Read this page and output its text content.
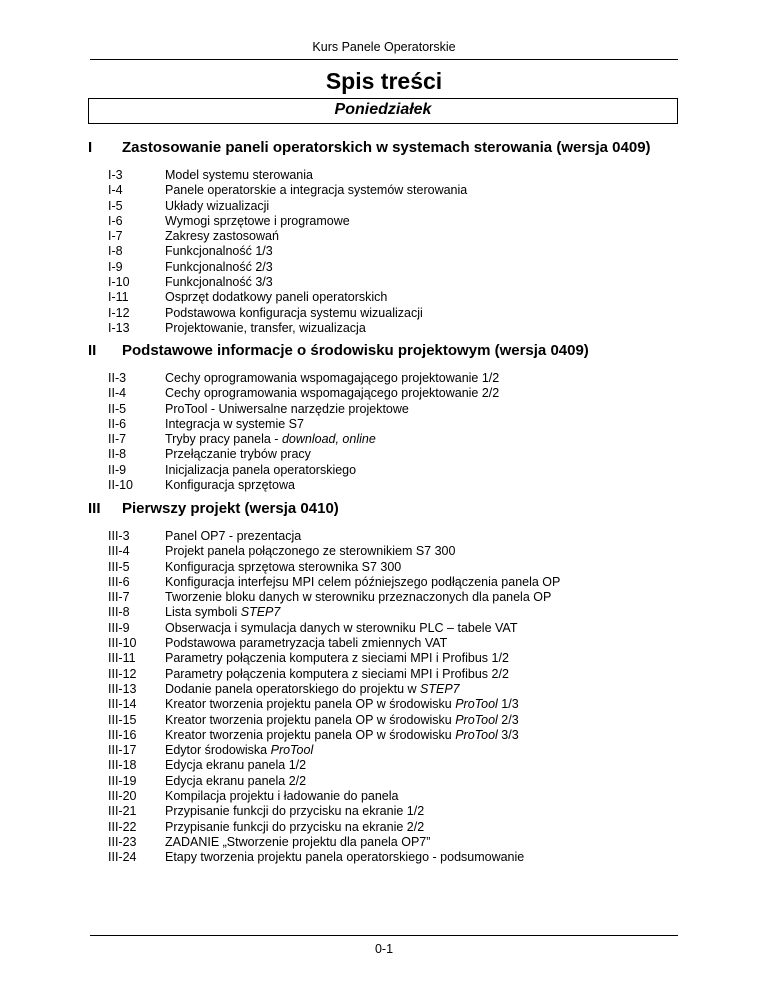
Kurs Panele Operatorskie
Spis treści
Poniedziałek
I Zastosowanie paneli operatorskich w systemach sterowania (wersja 0409)
I-3	Model systemu sterowania
I-4	Panele operatorskie a integracja systemów sterowania
I-5	Układy wizualizacji
I-6	Wymogi sprzętowe i programowe
I-7	Zakresy zastosowań
I-8	Funkcjonalność 1/3
I-9	Funkcjonalność 2/3
I-10	Funkcjonalność 3/3
I-11	Osprzęt dodatkowy paneli operatorskich
I-12	Podstawowa konfiguracja systemu wizualizacji
I-13	Projektowanie, transfer, wizualizacja
II Podstawowe informacje o środowisku projektowym (wersja 0409)
II-3	Cechy oprogramowania wspomagającego projektowanie 1/2
II-4	Cechy oprogramowania wspomagającego projektowanie 2/2
II-5	ProTool - Uniwersalne narzędzie projektowe
II-6	Integracja w systemie S7
II-7	Tryby pracy panela - download, online
II-8	Przełączanie trybów pracy
II-9	Inicjalizacja panela operatorskiego
II-10	Konfiguracja sprzętowa
III Pierwszy projekt (wersja 0410)
III-3	Panel OP7 - prezentacja
III-4	Projekt panela połączonego ze sterownikiem S7 300
III-5	Konfiguracja sprzętowa sterownika S7 300
III-6	Konfiguracja interfejsu MPI celem późniejszego podłączenia panela OP
III-7	Tworzenie bloku danych w sterowniku przeznaczonych dla panela OP
III-8	Lista symboli STEP7
III-9	Obserwacja i symulacja danych w sterowniku PLC – tabele VAT
III-10 Podstawowa parametryzacja tabeli zmiennych VAT
III-11 Parametry połączenia komputera z sieciami MPI i Profibus 1/2
III-12 Parametry połączenia komputera z sieciami MPI i Profibus 2/2
III-13 Dodanie panela operatorskiego do projektu w STEP7
III-14 Kreator tworzenia projektu panela OP w środowisku ProTool 1/3
III-15 Kreator tworzenia projektu panela OP w środowisku ProTool 2/3
III-16 Kreator tworzenia projektu panela OP w środowisku ProTool 3/3
III-17 Edytor środowiska ProTool
III-18 Edycja ekranu panela 1/2
III-19 Edycja ekranu panela 2/2
III-20 Kompilacja projektu i ładowanie do panela
III-21 Przypisanie funkcji do przycisku na ekranie 1/2
III-22 Przypisanie funkcji do przycisku na ekranie 2/2
III-23 ZADANIE „Stworzenie projektu dla panela OP7”
III-24 Etapy tworzenia projektu panela operatorskiego - podsumowanie
0-1
